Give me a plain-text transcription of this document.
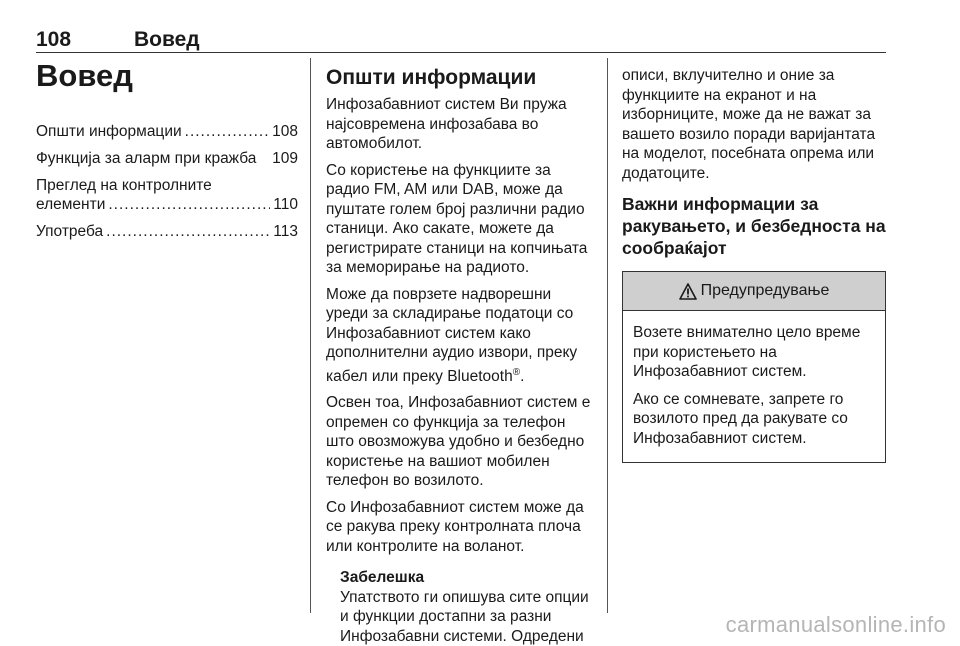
108	Вовед
Вовед
Општи информации .....	108
Функција за аларм при кражба 109
Преглед на контролните
елементи .....	110
Употреба .....	113
Општи информации

Инфозабавниот систем Ви пружа најсовремена инфозабава во автомобилот.

Со користење на функциите за радио FM, AM или DAB, може да пуштате голем број различни радио станици. Ако сакате, можете да регистрирате станици на копчињата за меморирање на радиото.

Може да поврзете надворешни уреди за складирање податоци со Инфозабавниот систем како дополнителни аудио извори, преку кабел или преку Bluetooth®.

Освен тоа, Инфозабавниот систем е опремен со функција за телефон што овозможува удобно и безбедно користење на вашиот мобилен телефон во возилото.

Со Инфозабавниот систем може да се ракува преку контролната плоча или контролите на воланот.

Забелешка

Упатството ги опишува сите опции и функции достапни за разни Инфозабавни системи. Одредени

описи, вклучително и оние за функциите на екранот и на изборниците, може да не важат за вашето возило поради варијантата на моделот, посебната опрема или додатоците.

Важни информации за ракувањето, и безбедноста на сообраќајот
Предупредување

Возете внимателно цело време при користењето на Инфозабавниот систем.

Ако се сомневате, запрете го возилото пред да ракувате со Инфозабавниот систем.

carmanualsonline.info
